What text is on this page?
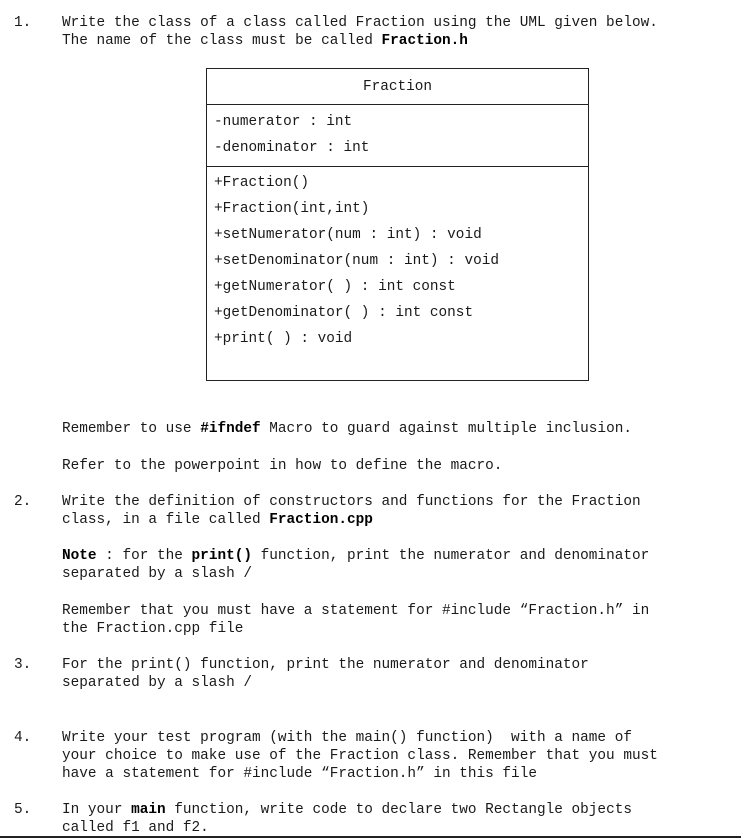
1. Write the class of a class called Fraction using the UML given below.
The name of the class must be called Fraction.h
Fraction
-numerator : int
-denominator : int
+Fraction()
+Fraction(int,int)
+setNumerator(num : int) : void
+setDenominator(num : int) : void
+getNumerator( ) : int const
+getDenominator( ) : int const
+print( ) : void
Remember to use #ifndef Macro to guard against multiple inclusion.
Refer to the powerpoint in how to define the macro.
2. Write the definition of constructors and functions for the Fraction
class, in a file called Fraction.cpp
Note : for the print() function, print the numerator and denominator
separated by a slash /
Remember that you must have a statement for #include “Fraction.h” in
the Fraction.cpp file
3. For the print() function, print the numerator and denominator
separated by a slash /
4. Write your test program (with the main() function)  with a name of
your choice to make use of the Fraction class. Remember that you must
have a statement for #include “Fraction.h” in this file
5. In your main function, write code to declare two Rectangle objects
called f1 and f2.
